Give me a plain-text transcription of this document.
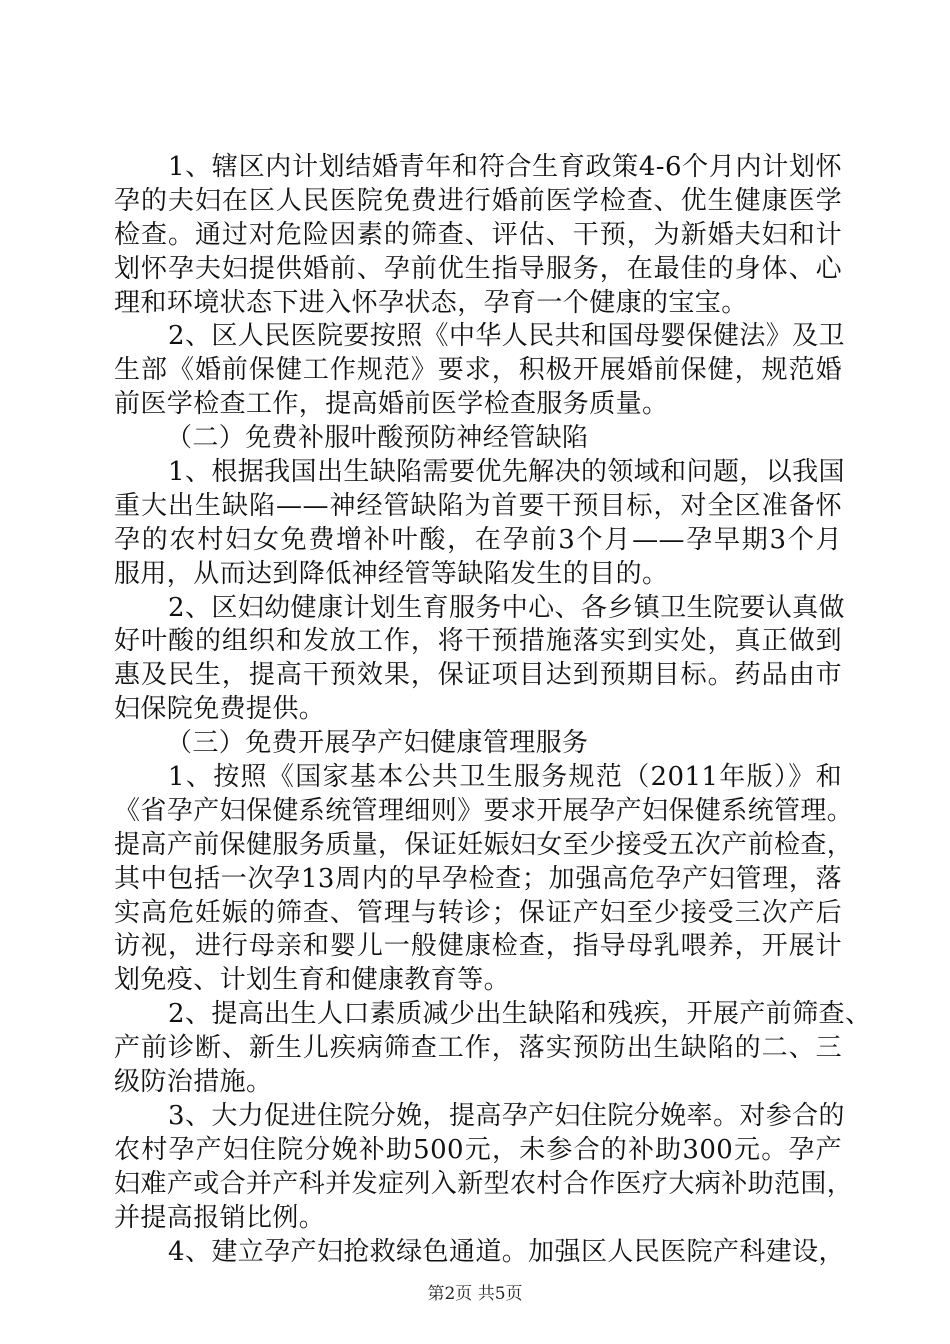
1、辖区内计划结婚青年和符合生育政策4-6个月内计划怀
孕的夫妇在区人民医院免费进行婚前医学检查、优生健康医学
检查。通过对危险因素的筛查、评估、干预，为新婚夫妇和计
划怀孕夫妇提供婚前、孕前优生指导服务，在最佳的身体、心
理和环境状态下进入怀孕状态，孕育一个健康的宝宝。
2、区人民医院要按照《中华人民共和国母婴保健法》及卫
生部《婚前保健工作规范》要求，积极开展婚前保健，规范婚
前医学检查工作，提高婚前医学检查服务质量。
（二）免费补服叶酸预防神经管缺陷
1、根据我国出生缺陷需要优先解决的领域和问题，以我国
重大出生缺陷——神经管缺陷为首要干预目标，对全区准备怀
孕的农村妇女免费增补叶酸，在孕前3个月——孕早期3个月
服用，从而达到降低神经管等缺陷发生的目的。
2、区妇幼健康计划生育服务中心、各乡镇卫生院要认真做
好叶酸的组织和发放工作，将干预措施落实到实处，真正做到
惠及民生，提高干预效果，保证项目达到预期目标。药品由市
妇保院免费提供。
（三）免费开展孕产妇健康管理服务
1、按照《国家基本公共卫生服务规范（2011年版）》和
《省孕产妇保健系统管理细则》要求开展孕产妇保健系统管理。
提高产前保健服务质量，保证妊娠妇女至少接受五次产前检查，
其中包括一次孕13周内的早孕检查；加强高危孕产妇管理，落
实高危妊娠的筛查、管理与转诊；保证产妇至少接受三次产后
访视，进行母亲和婴儿一般健康检查，指导母乳喂养，开展计
划免疫、计划生育和健康教育等。
2、提高出生人口素质减少出生缺陷和残疾，开展产前筛查、
产前诊断、新生儿疾病筛查工作，落实预防出生缺陷的二、三
级防治措施。
3、大力促进住院分娩，提高孕产妇住院分娩率。对参合的
农村孕产妇住院分娩补助500元，未参合的补助300元。孕产
妇难产或合并产科并发症列入新型农村合作医疗大病补助范围，
并提高报销比例。
4、建立孕产妇抢救绿色通道。加强区人民医院产科建设，
第2页 共5页
